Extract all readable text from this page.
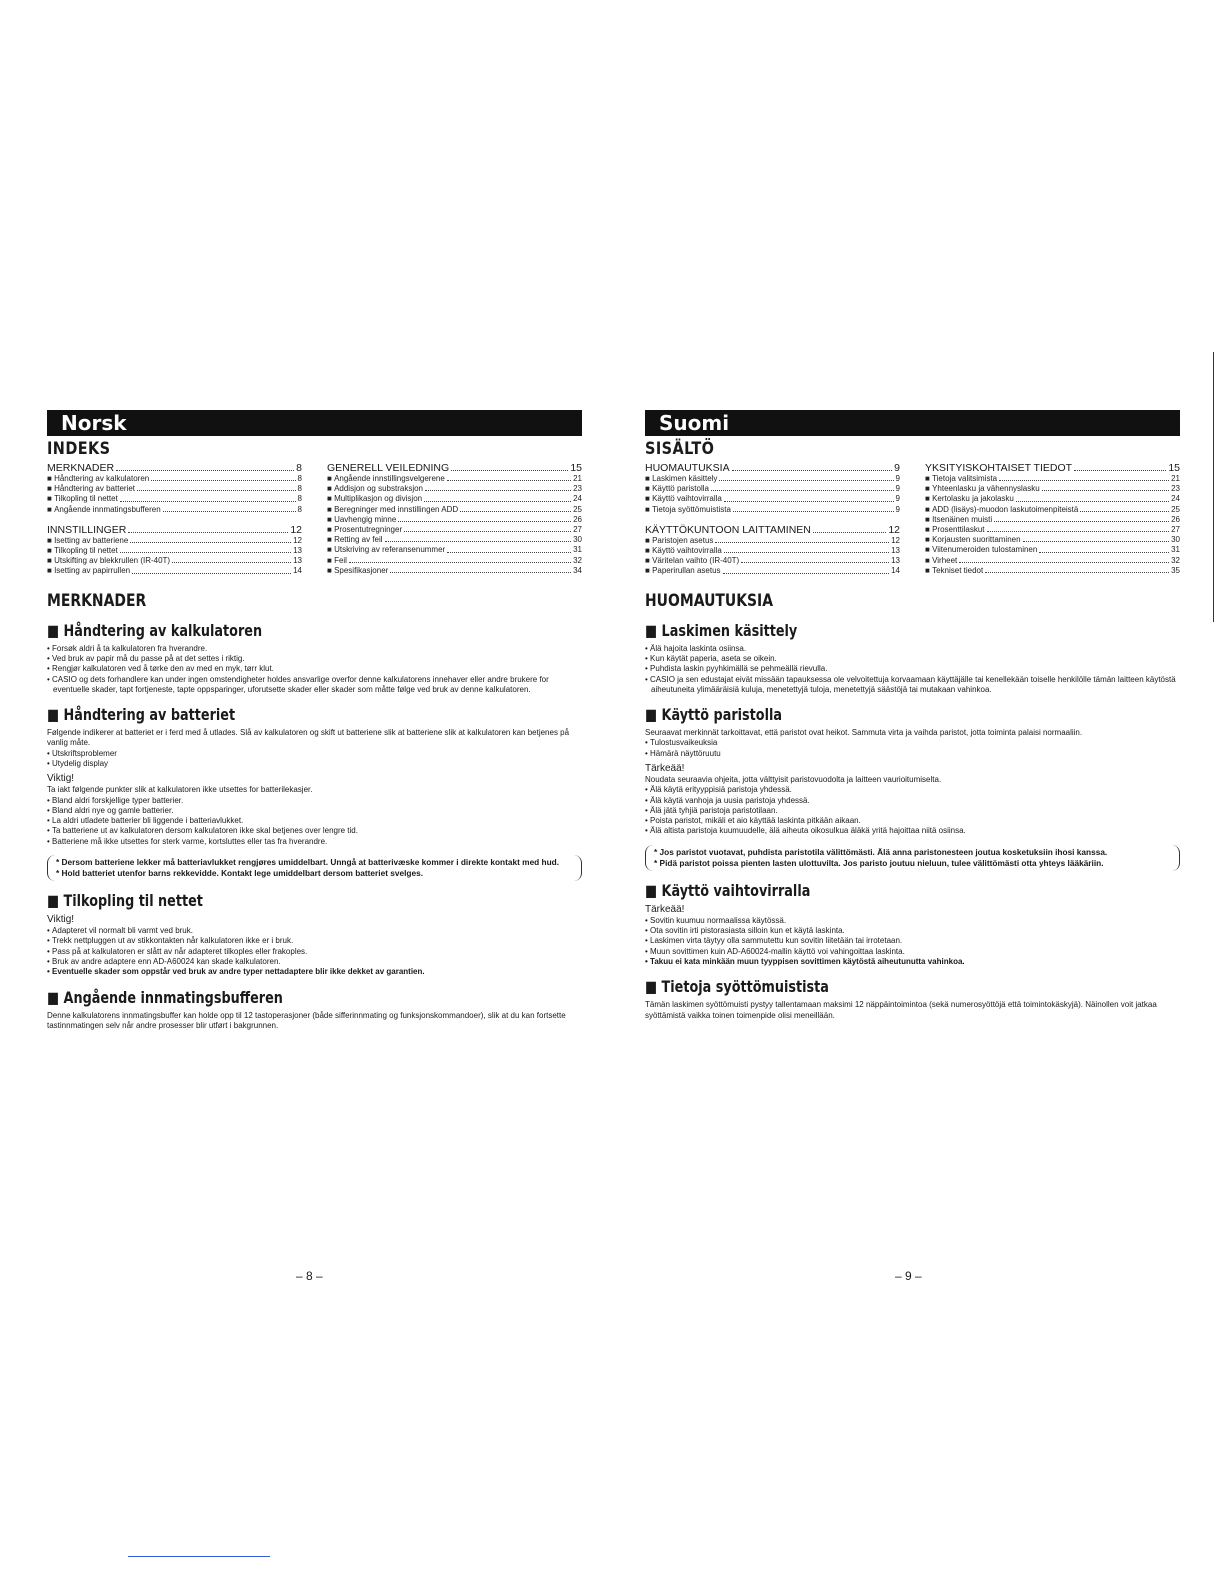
Norsk
INDEKS
MERKNADER	8
■ Håndtering av kalkulatoren	8
■ Håndtering av batteriet	8
■ Tilkopling til nettet	8
■ Angående innmatingsbufferen	8
INNSTILLINGER	12
■ Isetting av batteriene	12
■ Tilkopling til nettet	13
■ Utskifting av blekkrullen (IR-40T)	13
■ Isetting av papirrullen	14
GENERELL VEILEDNING	15
■ Angående innstillingsvelgerene	21
■ Addisjon og substraksjon	23
■ Multiplikasjon og divisjon	24
■ Beregninger med innstillingen ADD	25
■ Uavhengig minne	26
■ Prosentutregninger	27
■ Retting av feil	30
■ Utskriving av referansenummer	31
■ Feil	32
■ Spesifikasjoner	34
MERKNADER
■ Håndtering av kalkulatoren
• Forsøk aldri å ta kalkulatoren fra hverandre.
• Ved bruk av papir må du passe på at det settes i riktig.
• Rengjør kalkulatoren ved å tørke den av med en myk, tørr klut.
• CASIO og dets forhandlere kan under ingen omstendigheter holdes ansvarlige overfor denne kalkulatorens innehaver eller andre brukere for eventuelle skader, tapt fortjeneste, tapte oppsparinger, uforutsette skader eller skader som måtte følge ved bruk av denne kalkulatoren.
■ Håndtering av batteriet

Følgende indikerer at batteriet er i ferd med å utlades. Slå av kalkulatoren og skift ut batteriene slik at batteriene slik at kalkulatoren kan betjenes på vanlig måte.

• Utskriftsproblemer
• Utydelig display
Viktig!

Ta iakt følgende punkter slik at kalkulatoren ikke utsettes for batterilekasjer.

• Bland aldri forskjellige typer batterier.
• Bland aldri nye og gamle batterier.
• La aldri utladete batterier bli liggende i batteriavlukket.
• Ta batteriene ut av kalkulatoren dersom kalkulatoren ikke skal betjenes over lengre tid.
• Batteriene må ikke utsettes for sterk varme, kortsluttes eller tas fra hverandre.
* Dersom batteriene lekker må batteriavlukket rengjøres umiddelbart. Unngå at batterivæske kommer i direkte kontakt med hud.
* Hold batteriet utenfor barns rekkevidde. Kontakt lege umiddelbart dersom batteriet svelges.
■ Tilkopling til nettet
Viktig!
• Adapteret vil normalt bli varmt ved bruk.
• Trekk nettpluggen ut av stikkontakten når kalkulatoren ikke er i bruk.
• Pass på at kalkulatoren er slått av når adapteret tilkoples eller frakoples.
• Bruk av andre adaptere enn AD-A60024 kan skade kalkulatoren.
• Eventuelle skader som oppstår ved bruk av andre typer nettadaptere blir ikke dekket av garantien.
■ Angående innmatingsbufferen

Denne kalkulatorens innmatingsbuffer kan holde opp til 12 tastoperasjoner (både sifferinnmating og funksjonskommandoer), slik at du kan fortsette tastinnmatingen selv når andre prosesser blir utført i bakgrunnen.

Suomi
SISÄLTÖ
HUOMAUTUKSIA	9
■ Laskimen käsittely	9
■ Käyttö paristolla	9
■ Käyttö vaihtovirralla	9
■ Tietoja syöttömuistista	9
KÄYTTÖKUNTOON LAITTAMINEN	12
■ Paristojen asetus	12
■ Käyttö vaihtovirralla	13
■ Väritelan vaihto (IR-40T)	13
■ Paperirullan asetus	14
YKSITYISKOHTAISET TIEDOT	15
■ Tietoja valitsimista	21
■ Yhteenlasku ja vähennyslasku	23
■ Kertolasku ja jakolasku	24
■ ADD (lisäys)-muodon laskutoimenpiteistä	25
■ Itsenäinen muisti	26
■ Prosenttilaskut	27
■ Korjausten suorittaminen	30
■ Viitenumeroiden tulostaminen	31
■ Virheet	32
■ Tekniset tiedot	35
HUOMAUTUKSIA
■ Laskimen käsittely
• Älä hajoita laskinta osiinsa.
• Kun käytät paperia, aseta se oikein.
• Puhdista laskin pyyhkimällä se pehmeällä rievulla.
• CASIO ja sen edustajat eivät missään tapauksessa ole velvoitettuja korvaamaan käyttäjälle tai kenellekään toiselle henkilölle tämän laitteen käytöstä aiheutuneita ylimääräisiä kuluja, menetettyjä tuloja, menetettyjä säästöjä tai mutakaan vahinkoa.
■ Käyttö paristolla

Seuraavat merkinnät tarkoittavat, että paristot ovat heikot. Sammuta virta ja vaihda paristot, jotta toiminta palaisi normaaliin.

• Tulostusvaikeuksia
• Hämärä näyttöruutu
Tärkeää!

Noudata seuraavia ohjeita, jotta välttyisit paristovuodolta ja laitteen vaurioitumiselta.

• Älä käytä erityyppisiä paristoja yhdessä.
• Älä käytä vanhoja ja uusia paristoja yhdessä.
• Älä jätä tyhjiä paristoja paristotilaan.
• Poista paristot, mikäli et aio käyttää laskinta pitkään aikaan.
• Älä altista paristoja kuumuudelle, älä aiheuta oikosulkua äläkä yritä hajoittaa niitä osiinsa.
* Jos paristot vuotavat, puhdista paristotila välittömästi. Älä anna paristonesteen joutua kosketuksiin ihosi kanssa.
* Pidä paristot poissa pienten lasten ulottuvilta. Jos paristo joutuu nieluun, tulee välittömästi otta yhteys lääkäriin.
■ Käyttö vaihtovirralla
Tärkeää!
• Sovitin kuumuu normaalissa käytössä.
• Ota sovitin irti pistorasiasta silloin kun et käytä laskinta.
• Laskimen virta täytyy olla sammutettu kun sovitin liitetään tai irrotetaan.
• Muun sovittimen kuin AD-A60024-mallin käyttö voi vahingoittaa laskinta.
• Takuu ei kata minkään muun tyyppisen sovittimen käytöstä aiheutunutta vahinkoa.
■ Tietoja syöttömuistista

Tämän laskimen syöttömuisti pystyy tallentamaan maksimi 12 näppäintoimintoa (sekä numerosyöttöjä että toimintokäskyjä). Näinollen voit jatkaa syöttämistä vaikka toinen toimenpide olisi meneillään.

– 8 –	– 9 –
